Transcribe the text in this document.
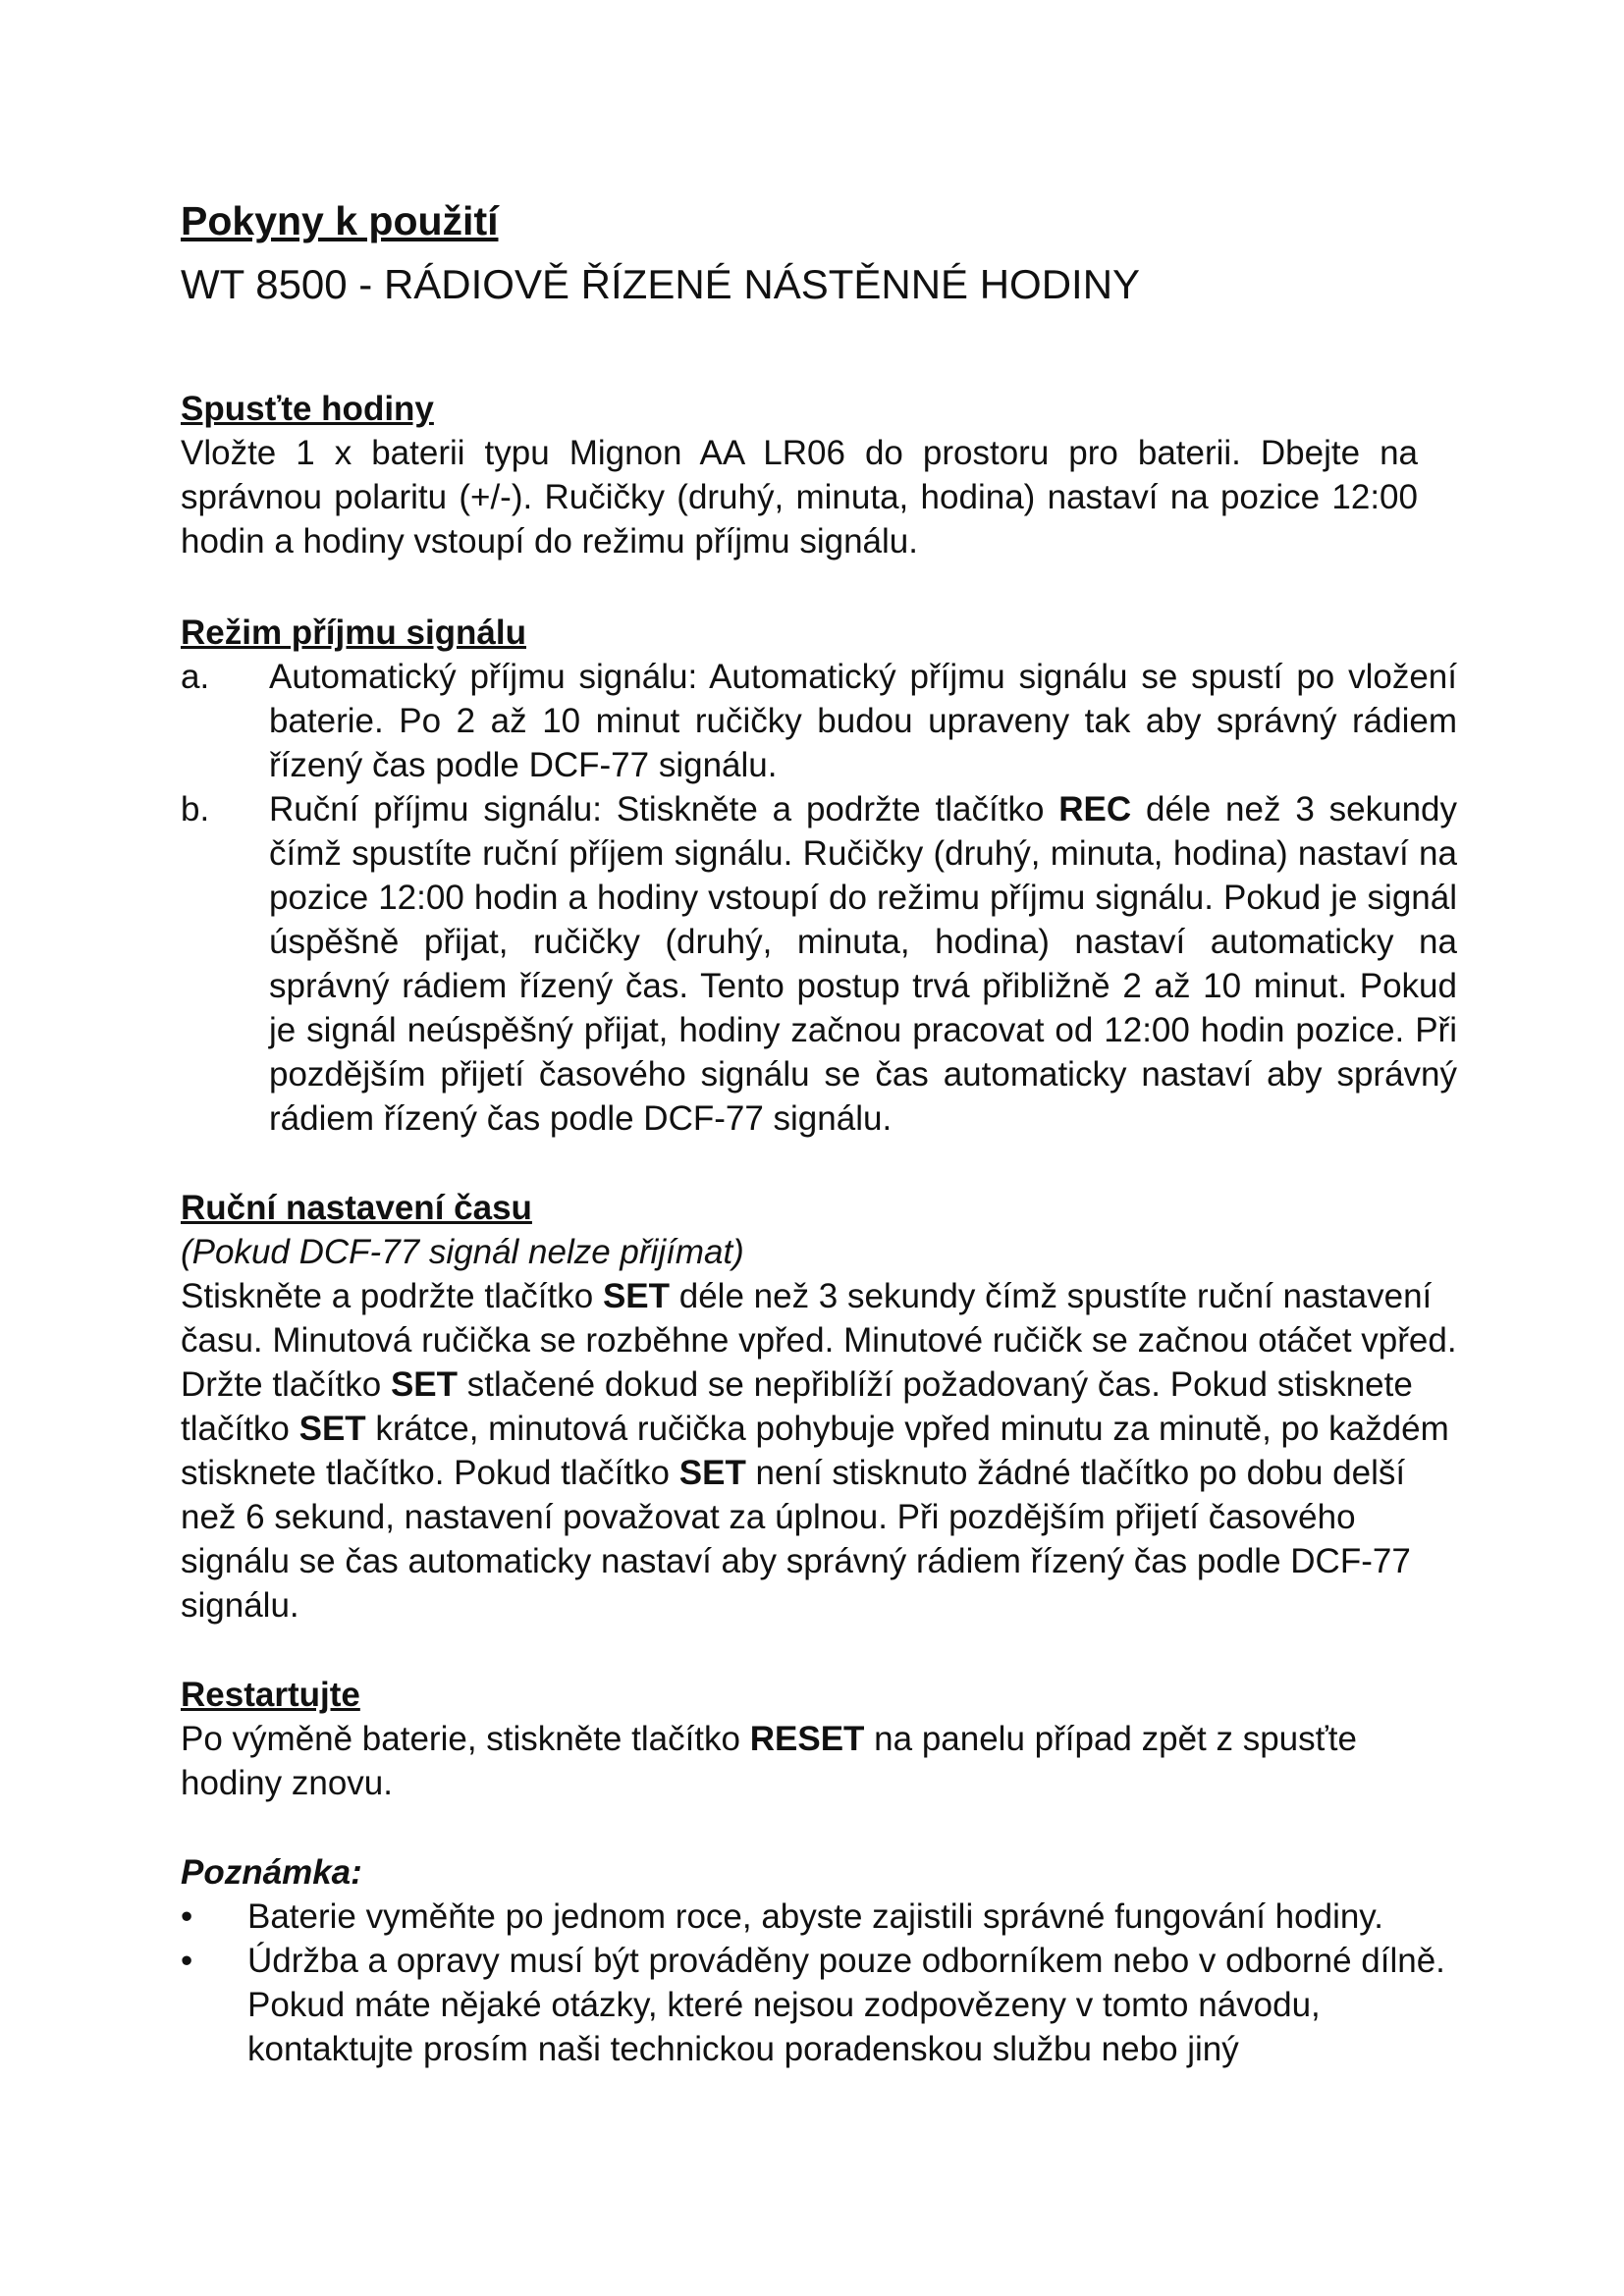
Pokyny k použití
WT 8500 - RÁDIOVĚ ŘÍZENÉ NÁSTĚNNÉ HODINY
Spusťte hodiny

Vložte 1 x baterii typu Mignon AA LR06 do prostoru pro baterii. Dbejte na správnou polaritu (+/-). Ručičky (druhý, minuta, hodina) nastaví na pozice 12:00 hodin a hodiny vstoupí do režimu příjmu signálu.

Režim příjmu signálu
a.	Automatický příjmu signálu: Automatický příjmu signálu se spustí po vložení baterie. Po 2 až 10 minut ručičky budou upraveny tak aby správný rádiem řízený čas podle DCF-77 signálu.
b.	Ruční příjmu signálu: Stiskněte a podržte tlačítko REC déle než 3 sekundy čímž spustíte ruční příjem signálu. Ručičky (druhý, minuta, hodina) nastaví na pozice 12:00 hodin a hodiny vstoupí do režimu příjmu signálu. Pokud je signál úspěšně přijat, ručičky (druhý, minuta, hodina) nastaví automaticky na správný rádiem řízený čas. Tento postup trvá přibližně 2 až 10 minut. Pokud je signál neúspěšný přijat, hodiny začnou pracovat od 12:00 hodin pozice. Při pozdějším přijetí časového signálu se čas automaticky nastaví aby správný rádiem řízený čas podle DCF-77 signálu.
Ruční nastavení času
(Pokud DCF-77 signál nelze přijímat)

Stiskněte a podržte tlačítko SET déle než 3 sekundy čímž spustíte ruční nastavení času. Minutová ručička se rozběhne vpřed. Minutové ručičk se začnou otáčet vpřed. Držte tlačítko SET stlačené dokud se nepřiblíží požadovaný čas. Pokud stisknete tlačítko SET krátce, minutová ručička pohybuje vpřed minutu za minutě, po každém stisknete tlačítko. Pokud tlačítko SET není stisknuto žádné tlačítko po dobu delší než 6 sekund, nastavení považovat za úplnou. Při pozdějším přijetí časového signálu se čas automaticky nastaví aby správný rádiem řízený čas podle DCF-77 signálu.

Restartujte

Po výměně baterie, stiskněte tlačítko RESET na panelu případ zpět z spusťte hodiny znovu.

Poznámka:
•	Baterie vyměňte po jednom roce, abyste zajistili správné fungování hodiny.
•	Údržba a opravy musí být prováděny pouze odborníkem nebo v odborné dílně. Pokud máte nějaké otázky, které nejsou zodpovězeny v tomto návodu, kontaktujte prosím naši technickou poradenskou službu nebo jiný
